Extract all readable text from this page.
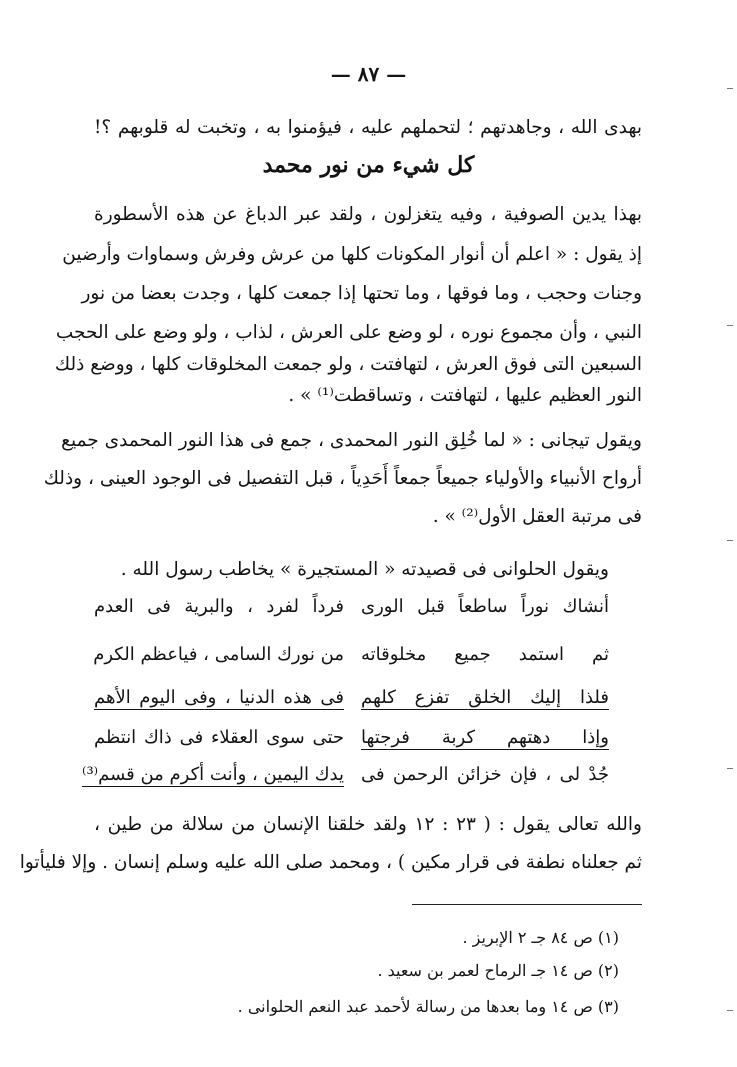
— ٨٧ —
بهدى الله ، وجاهدتهم ؛ لتحملهم عليه ، فيؤمنوا به ، وتخبت له قلوبهم ؟!
كل شيء من نور محمد
بهذا يدين الصوفية ، وفيه يتغزلون ، ولقد عبر الدباغ عن هذه الأسطورة
إذ يقول : « اعلم أن أنوار المكونات كلها من عرش وفرش وسماوات وأرضين
وجنات وحجب ، وما فوقها ، وما تحتها إذا جمعت كلها ، وجدت بعضا من نور
النبي ، وأن مجموع نوره ، لو وضع على العرش ، لذاب ، ولو وضع على الحجب
السبعين التى فوق العرش ، لتهافتت ، ولو جمعت المخلوقات كلها ، ووضع ذلك
النور العظيم عليها ، لتهافتت ، وتساقطت⁽¹⁾ » .
ويقول تيجانى : « لما خُلِق النور المحمدى ، جمع فى هذا النور المحمدى جميع
أرواح الأنبياء والأولياء جميعاً جمعاً أَحَدِياً ، قبل التفصيل فى الوجود العينى ، وذلك
فى مرتبة العقل الأول⁽²⁾ » .
ويقول الحلوانى فى قصيدته « المستجيرة » يخاطب رسول الله .
أنشاك نوراً ساطعاً قبل الورى
فرداً لفرد ، والبرية فى العدم
ثم استمد جميع مخلوقاته
من نورك السامى ، فياعظم الكرم
فلذا إليك الخلق تفزع كلهم
فى هذه الدنيا ، وفى اليوم الأهم
وإذا دهتهم كربة فرجتها
حتى سوى العقلاء فى ذاك انتظم
جُدْ لى ، فإن خزائن الرحمن فى
يدك اليمين ، وأنت أكرم من قسم⁽³⁾
والله تعالى يقول : ( ٢٣ : ١٢ ولقد خلقنا الإنسان من سلالة من طين ،
ثم جعلناه نطفة فى قرار مكين ) ، ومحمد صلى الله عليه وسلم إنسان . وإلا فليأتوا
(١) ص ٨٤ جـ ٢ الإبريز .
(٢) ص ١٤ جـ الرماح لعمر بن سعيد .
(٣) ص ١٤ وما بعدها من رسالة لأحمد عبد النعم الحلوانى .
